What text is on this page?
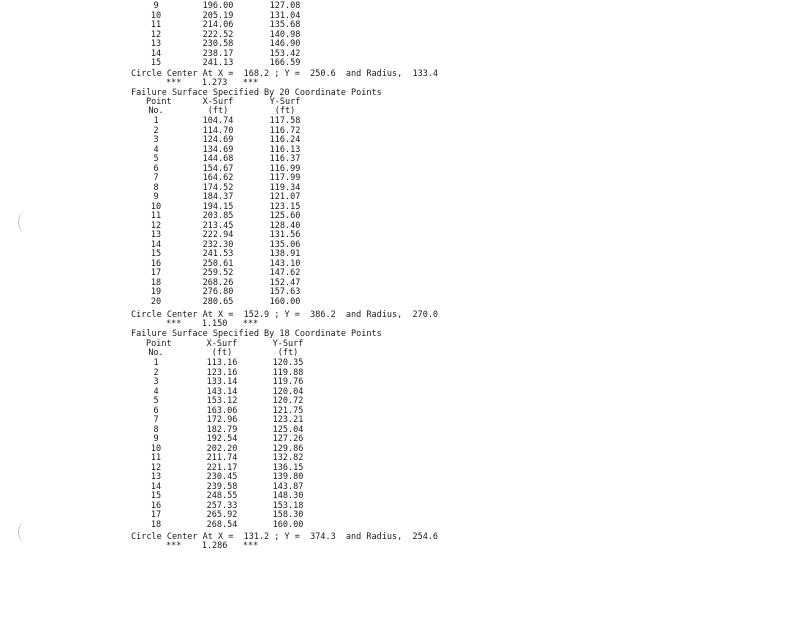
9	196.00	127.08
10	205.19	131.04
11	214.06	135.68
12	222.52	140.98
13	230.58	146.90
14	238.17	153.42
15	241.13	166.59
Circle Center At X =  168.2 ; Y =  250.6  and Radius,  133.4
***    1.273   ***
Failure Surface Specified By 20 Coordinate Points
Point	X-Surf	Y-Surf
No.	(ft)	(ft)
1	104.74	117.58
2	114.70	116.72
3	124.69	116.24
4	134.69	116.13
5	144.68	116.37
6	154.67	116.99
7	164.62	117.99
8	174.52	119.34
9	184.37	121.07
10	194.15	123.15
11	203.85	125.60
12	213.45	128.40
13	222.94	131.56
14	232.30	135.06
15	241.53	138.91
16	250.61	143.10
17	259.52	147.62
18	268.26	152.47
19	276.80	157.63
20	280.65	160.00
Circle Center At X =  152.9 ; Y =  386.2  and Radius,  270.0
***    1.150   ***
Failure Surface Specified By 18 Coordinate Points
Point	X-Surf	Y-Surf
No.	(ft)	(ft)
1	113.16	120.35
2	123.16	119.88
3	133.14	119.76
4	143.14	120.04
5	153.12	120.72
6	163.06	121.75
7	172.96	123.21
8	182.79	125.04
9	192.54	127.26
10	202.20	129.86
11	211.74	132.82
12	221.17	136.15
13	230.45	139.80
14	239.58	143.87
15	248.55	148.30
16	257.33	153.18
17	265.92	158.30
18	268.54	160.00
Circle Center At X =  131.2 ; Y =  374.3  and Radius,  254.6
***    1.286   ***
